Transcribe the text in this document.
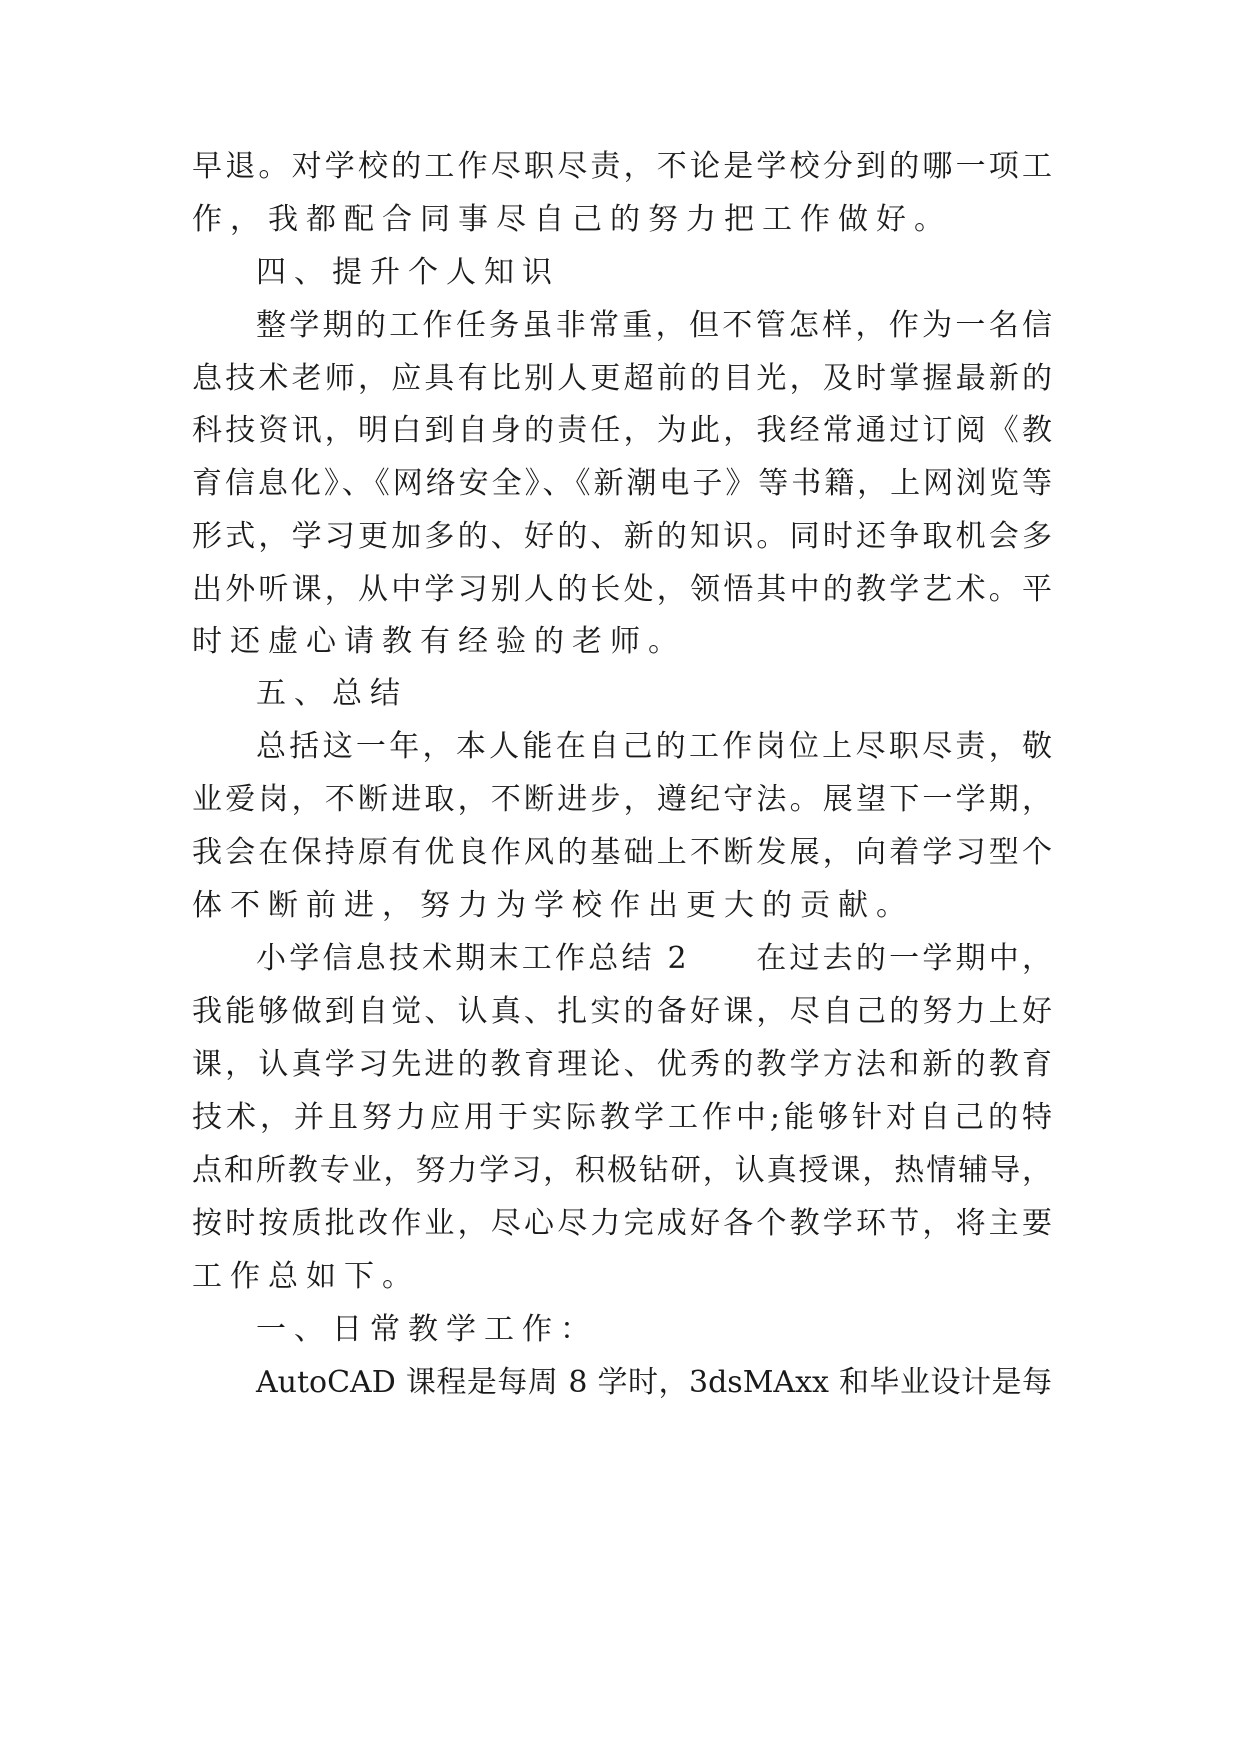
早退。对学校的工作尽职尽责，不论是学校分到的哪一项工
作，我都配合同事尽自己的努力把工作做好。
四、提升个人知识
整学期的工作任务虽非常重，但不管怎样，作为一名信
息技术老师，应具有比别人更超前的目光，及时掌握最新的
科技资讯，明白到自身的责任，为此，我经常通过订阅《教
育信息化》、《网络安全》、《新潮电子》等书籍，上网浏览等
形式，学习更加多的、好的、新的知识。同时还争取机会多
出外听课，从中学习别人的长处，领悟其中的教学艺术。平
时还虚心请教有经验的老师。
五、总结
总括这一年，本人能在自己的工作岗位上尽职尽责，敬
业爱岗，不断进取，不断进步，遵纪守法。展望下一学期，
我会在保持原有优良作风的基础上不断发展，向着学习型个
体不断前进，努力为学校作出更大的贡献。
小学信息技术期末工作总结 2　　在过去的一学期中，
我能够做到自觉、认真、扎实的备好课，尽自己的努力上好
课，认真学习先进的教育理论、优秀的教学方法和新的教育
技术，并且努力应用于实际教学工作中;能够针对自己的特
点和所教专业，努力学习，积极钻研，认真授课，热情辅导，
按时按质批改作业，尽心尽力完成好各个教学环节，将主要
工作总如下。
一、日常教学工作：
AutoCAD 课程是每周 8 学时，3dsMAxx 和毕业设计是每
